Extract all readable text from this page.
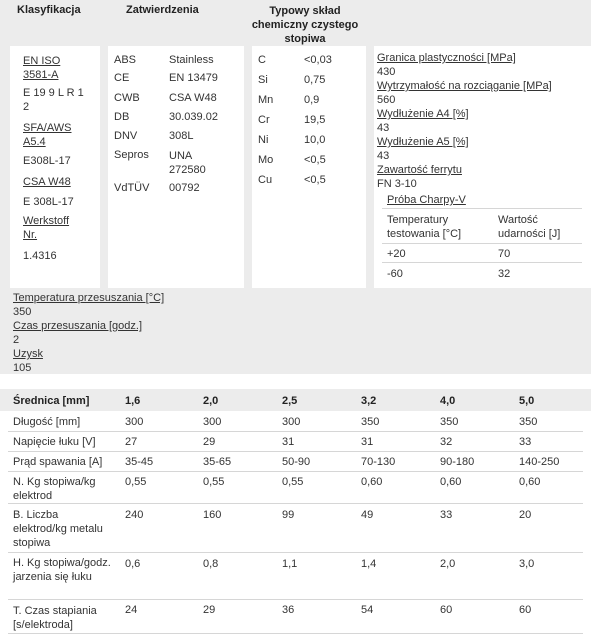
Klasyfikacja	Zatwierdzenia	Typowy skład chemiczny czystego stopiwa
EN ISO 3581-A
E 19 9 L R 1 2
SFA/AWS A5.4
E308L-17
CSA W48
E 308L-17
Werkstoff Nr.
1.4316
ABS	Stainless
CE	EN 13479
CWB	CSA W48
DB	30.039.02
DNV	308L
Sepros UNA 272580
VdTÜV 00792
C	<0,03
Si	0,75
Mn	0,9
Cr	19,5
Ni	10,0
Mo	<0,5
Cu	<0,5
Granica plastyczności [MPa]
430
Wytrzymałość na rozciąganie [MPa]
560
Wydłużenie A4 [%]
43
Wydłużenie A5 [%]
43
Zawartość ferrytu
FN 3-10
Próba Charpy-V
Temperatury testowania [°C]
Wartość udarności [J]
+20	70
-60	32
Temperatura przesuszania [°C]
350
Czas przesuszania [godz.]
2
Uzysk
105
Średnica [mm]	1,6	2,0	2,5	3,2	4,0	5,0
Długość [mm]	300	300	300	350	350	350
Napięcie łuku [V]	27	29	31	31	32	33
Prąd spawania [A] 35-45	35-65	50-90	70-130	90-180	140-250
N. Kg stopiwa/kg elektrod
0,55	0,55	0,55	0,60	0,60	0,60
B. Liczba elektrod/kg metalu stopiwa
240	160	99	49	33	20
H. Kg stopiwa/godz. jarzenia się łuku
0,6	0,8	1,1	1,4	2,0	3,0
T. Czas stapiania [s/elektroda]
24	29	36	54	60	60
